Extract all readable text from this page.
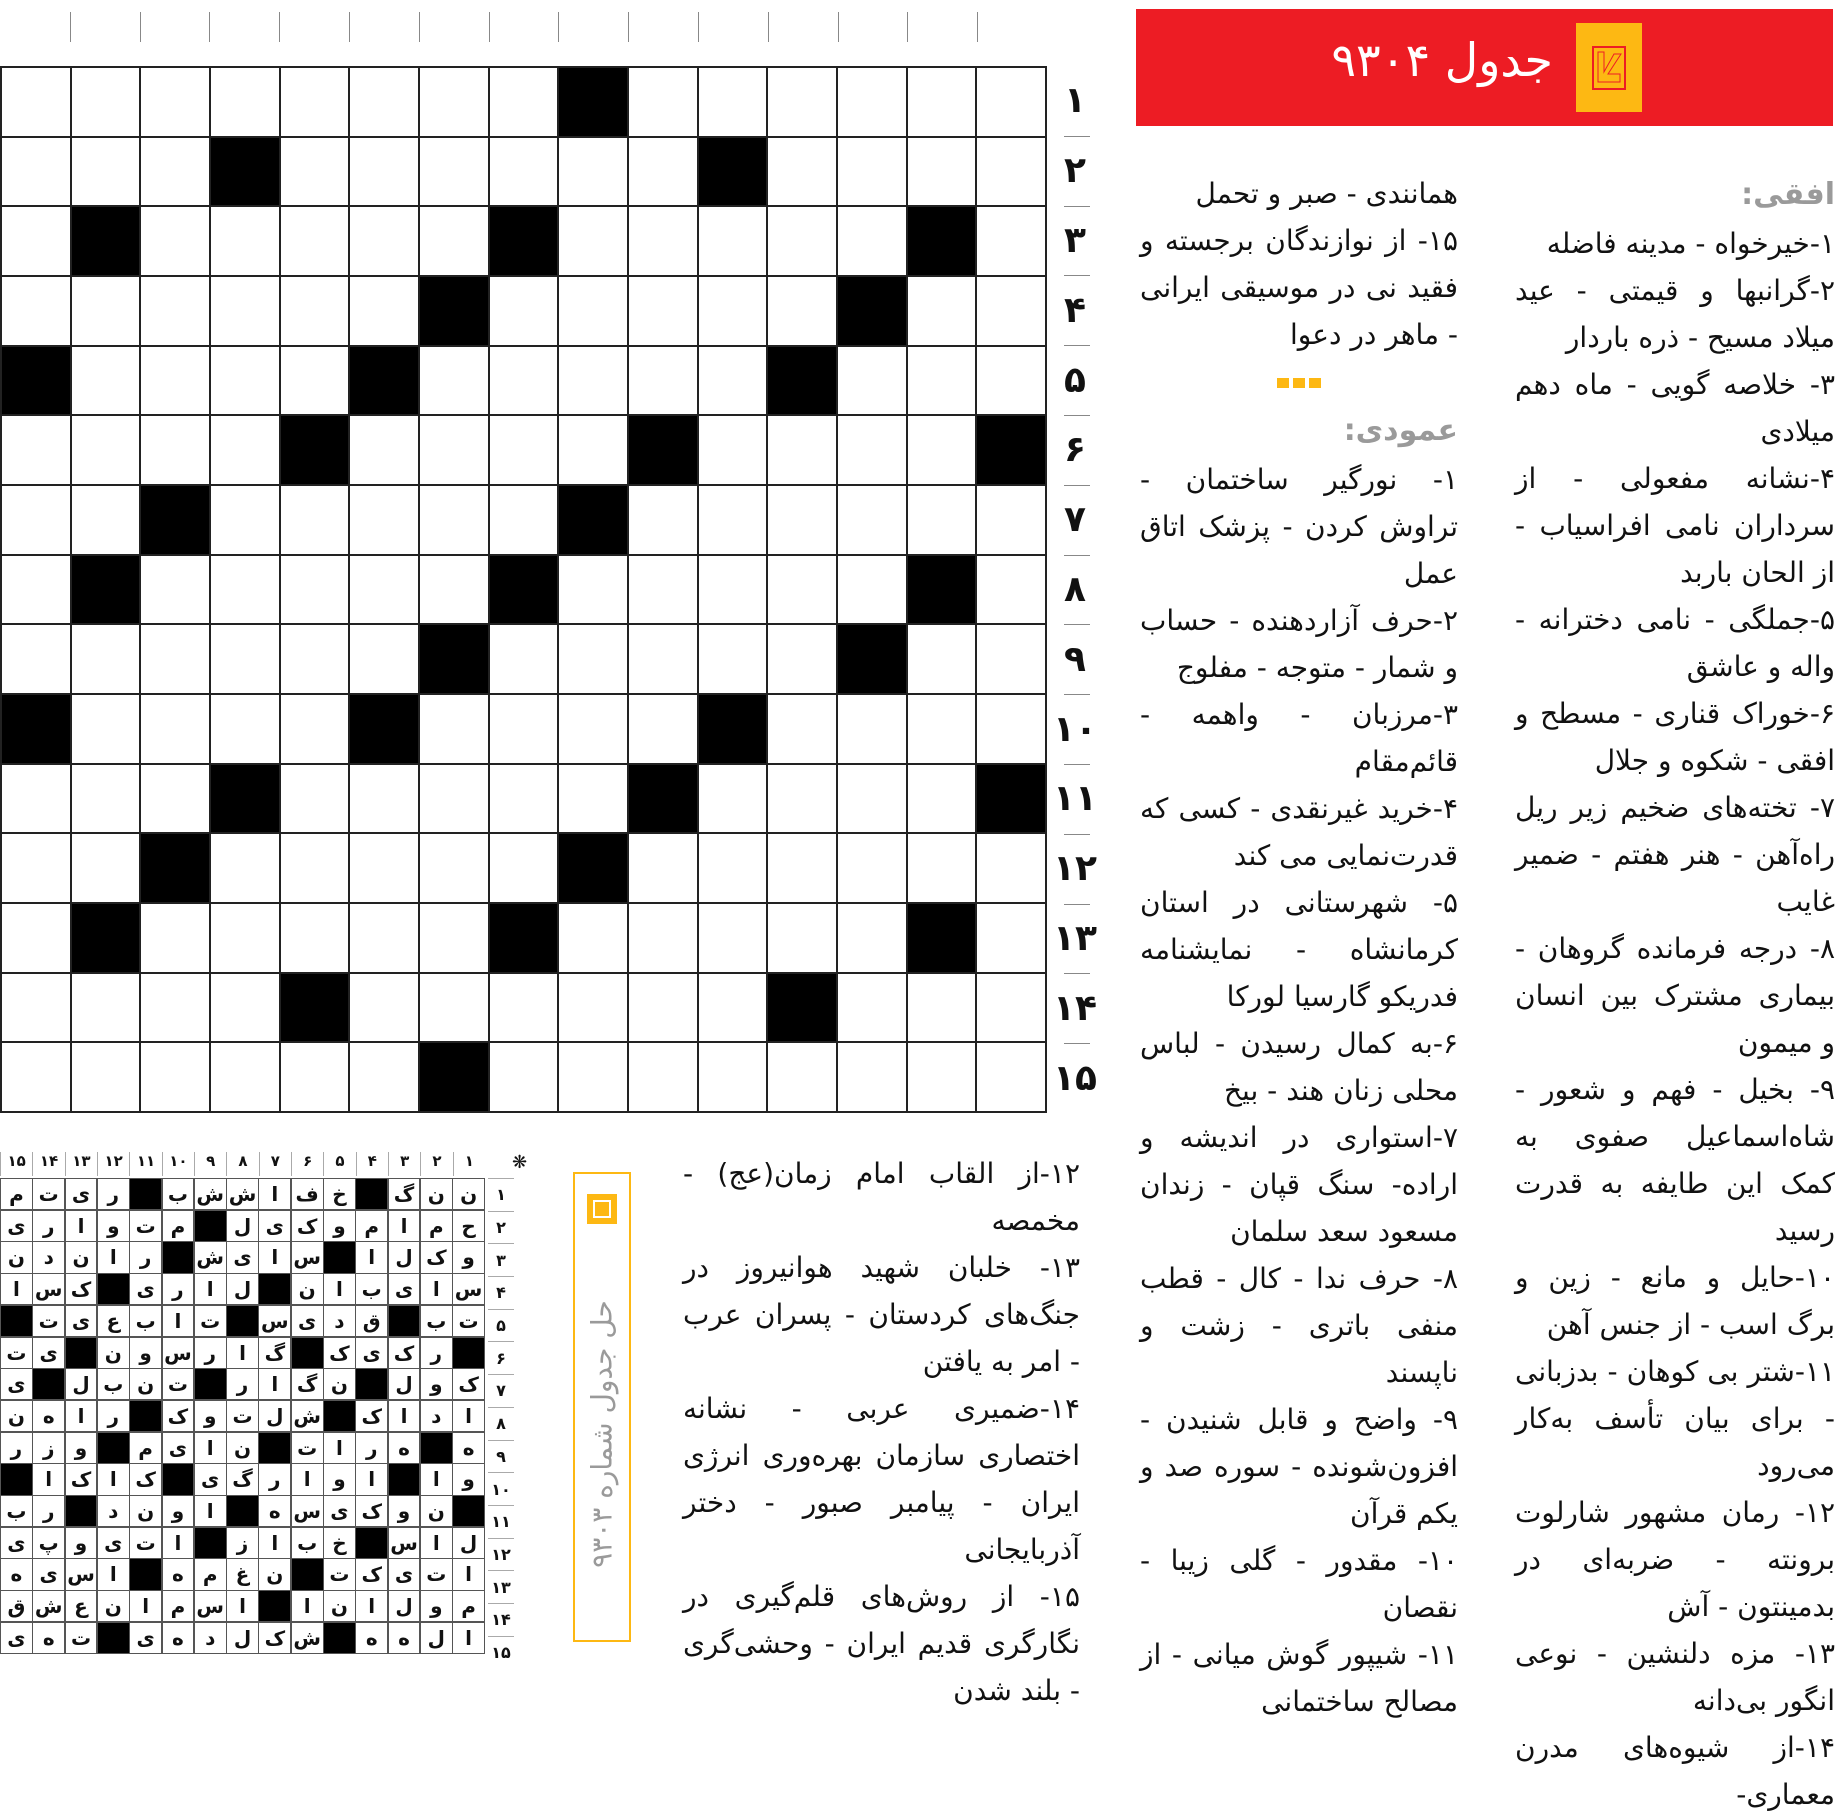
۱
۲
۳
۴
۵
۶
۷
۸
۹
۱۰
۱۱
۱۲
۱۳
۱۴
۱۵
جدول ۹۳۰۴
افقی:

۱-خیرخواه - مدینه فاضله

۲-گرانبها و قیمتی - عید میلاد مسیح - ذره باردار

۳- خلاصه گویی - ماه دهم میلادی

۴-نشانه مفعولی - از سرداران نامی افراسیاب - از الحان باربد

۵-جملگی - نامی دخترانه - واله و عاشق

۶-خوراک قناری - مسطح و افقی - شکوه و جلال

۷- تخته‌های ضخیم زیر ریل راه‌آهن - هنر هفتم - ضمیر غایب

۸- درجه فرمانده گروهان - بیماری مشترک بین انسان و میمون

۹- بخیل - فهم و شعور - شاه‌اسماعیل صفوی به کمک این طایفه به قدرت رسید

۱۰-حایل و مانع - زین و برگ اسب - از جنس آهن

۱۱-شتر بی کوهان - بدزبانی - برای بیان تأسف به‌کار می‌رود

۱۲- رمان مشهور شارلوت برونته - ضربه‌ای در بدمینتون - آش

۱۳- مزه دلنشین - نوعی انگور بی‌دانه

۱۴-از شیوه‌های مدرن معماری-

همانندی - صبر و تحمل

۱۵- از نوازندگان برجسته و فقید نی در موسیقی ایرانی - ماهر در دعوا

عمودی:

۱- نورگیر ساختمان - تراوش کردن - پزشک اتاق عمل

۲-حرف آزاردهنده - حساب و شمار - متوجه - مفلوج

۳-مرزبان - واهمه - قائم‌مقام

۴-خرید غیرنقدی - کسی که قدرت‌نمایی می کند

۵- شهرستانی در استان کرمانشاه - نمایشنامه فدریکو گارسیا لورکا

۶-به کمال رسیدن - لباس محلی زنان هند - بیخ

۷-استواری در اندیشه و اراده- سنگ قپان - زندان مسعود سعد سلمان

۸- حرف ندا - کال - قطب منفی باتری - زشت و ناپسند

۹- واضح و قابل شنیدن - افزون‌شونده - سوره صد و یکم قرآن

۱۰- مقدور - گلی زیبا - نقصان

۱۱- شیپور گوش میانی - از مصالح ساختمانی

۱۲-از القاب امام زمان(عج) - مخمصه

۱۳- خلبان شهید هوانیروز در جنگ‌های کردستان - پسران عرب - امر به یافتن

۱۴-ضمیری عربی - نشانه اختصاری سازمان بهره‌وری انرژی ایران - پیامبر صبور - دختر آذربایجانی

۱۵- از روش‌های قلم‌گیری در نگارگری قدیم ایران - وحشی‌گری - بلند شدن

حل جدول شماره ۹۳۰۳
۱
۲
۳
۴
۵
۶
۷
۸
۹
۱۰
۱۱
۱۲
۱۳
۱۴
۱۵	❋
ن
ن
گ
خ
ف
ا
ش
ش
ب
ر
ی
ت
م
ح
م
ا
م
و
ک
ی
ل
م
ت
و
ا
ر
ی
و
ک
ل
ا
س
ا
ی
ش
ر
ا
ن
د
ن
س
ا
ی
ب
ا
ن
ل
ا
ر
ی
ک
س
ا
ت
ب
ق
د
ی
س
ت
ا
ب
ع
ی
ت
ر
ک
ی
ک
گ
ا
ر
س
و
ن
ی
ت
ک
و
ل
ن
گ
ا
ر
ت
ن
ب
ل
ی
ا
د
ا
ک
ش
ل
ت
و
ک
ر
ا
ه
ن
ه
ه
ر
ا
ت
ن
ا
ی
م
و
ز
ر
و
ا
ا
و
ا
ر
گ
ی
ک
ا
ک
ا
ن
و
ک
ی
س
ه
ا
و
ن
د
ر
ب
ل
ا
س
خ
ب
ا
ز
ا
ت
ی
و
پ
ی
ا
ت
ی
ک
ت
ن
غ
م
ه
ا
س
ی
ه
م
و
ل
ا
ن
ا
ا
س
م
ا
ن
ع
ش
ق
ا
ل
ه
ه
ش
ک
ل
د
ه
ی
ت
ه
ی
۱
۲
۳
۴
۵
۶
۷
۸
۹
۱۰
۱۱
۱۲
۱۳
۱۴
۱۵
